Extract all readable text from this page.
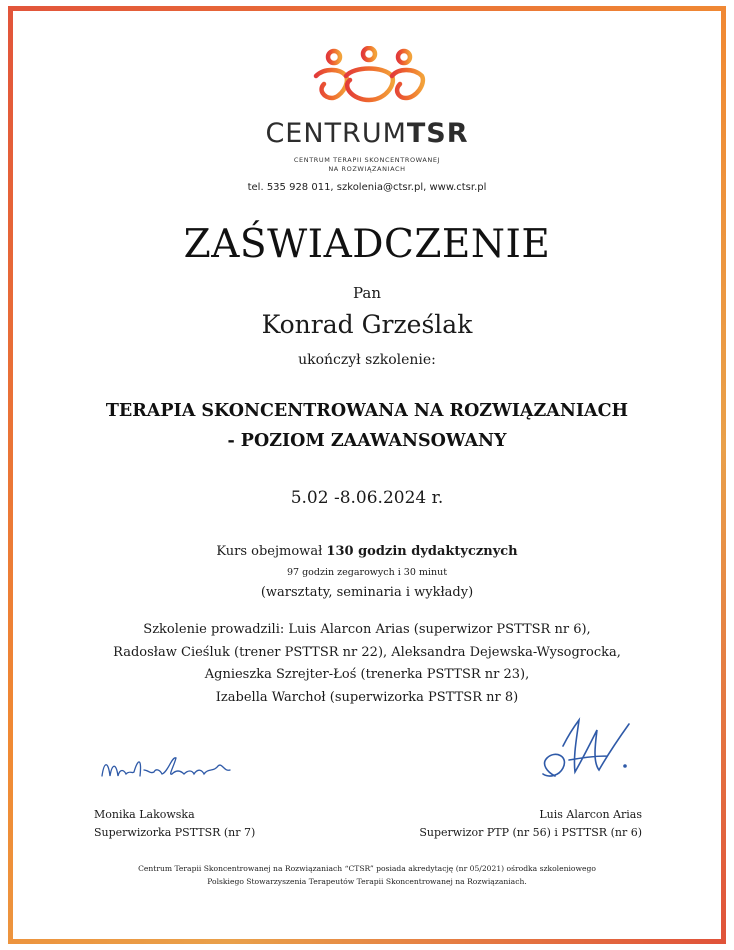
CENTRUMTSR
CENTRUM TERAPII SKONCENTROWANEJ
NA ROZWIĄZANIACH
tel. 535 928 011, szkolenia@ctsr.pl, www.ctsr.pl
ZAŚWIADCZENIE
Pan
Konrad Grześlak
ukończył szkolenie:
TERAPIA SKONCENTROWANA NA ROZWIĄZANIACH
- POZIOM ZAAWANSOWANY
5.02 -8.06.2024 r.
Kurs obejmował 130 godzin dydaktycznych
97 godzin zegarowych i 30 minut
(warsztaty, seminaria i wykłady)
Szkolenie prowadzili: Luis Alarcon Arias (superwizor PSTTSR nr 6),
Radosław Cieśluk (trener PSTTSR nr 22), Aleksandra Dejewska-Wysogrocka,
Agnieszka Szrejter-Łoś (trenerka PSTTSR nr 23),
Izabella Warchoł (superwizorka PSTTSR nr 8)
Monika Lakowska
Superwizorka PSTTSR (nr 7)
Luis Alarcon Arias
Superwizor PTP (nr 56) i PSTTSR (nr 6)
Centrum Terapii Skoncentrowanej na Rozwiązaniach “CTSR” posiada akredytację (nr 05/2021) ośrodka szkoleniowego
Polskiego Stowarzyszenia Terapeutów Terapii Skoncentrowanej na Rozwiązaniach.
